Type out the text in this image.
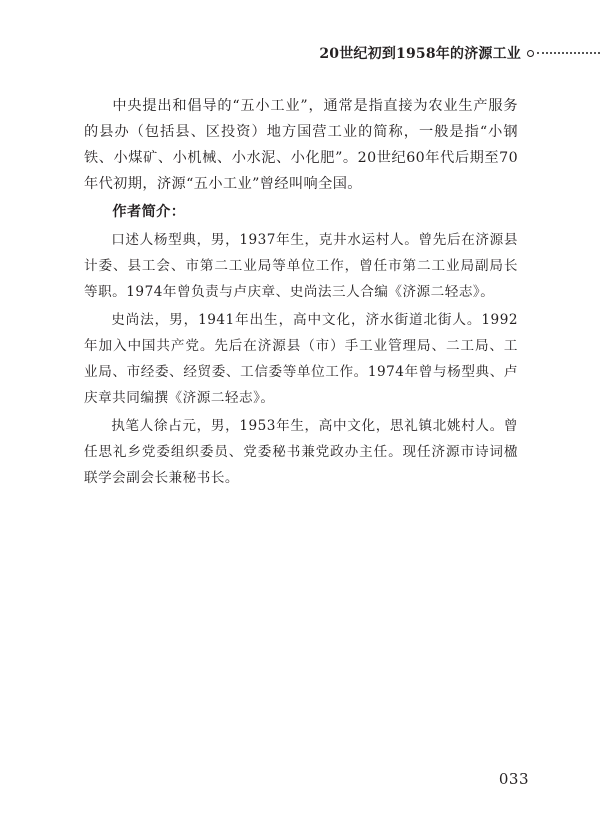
20世纪初到1958年的济源工业

中央提出和倡导的“五小工业”，通常是指直接为农业生产服务的县办（包括县、区投资）地方国营工业的简称，一般是指“小钢铁、小煤矿、小机械、小水泥、小化肥”。20世纪60年代后期至70年代初期，济源“五小工业”曾经叫响全国。

作者简介：

口述人杨型典，男，1937年生，克井水运村人。曾先后在济源县计委、县工会、市第二工业局等单位工作，曾任市第二工业局副局长等职。1974年曾负责与卢庆章、史尚法三人合编《济源二轻志》。

史尚法，男，1941年出生，高中文化，济水街道北街人。1992年加入中国共产党。先后在济源县（市）手工业管理局、二工局、工业局、市经委、经贸委、工信委等单位工作。1974年曾与杨型典、卢庆章共同编撰《济源二轻志》。

执笔人徐占元，男，1953年生，高中文化，思礼镇北姚村人。曾任思礼乡党委组织委员、党委秘书兼党政办主任。现任济源市诗词楹联学会副会长兼秘书长。

033
